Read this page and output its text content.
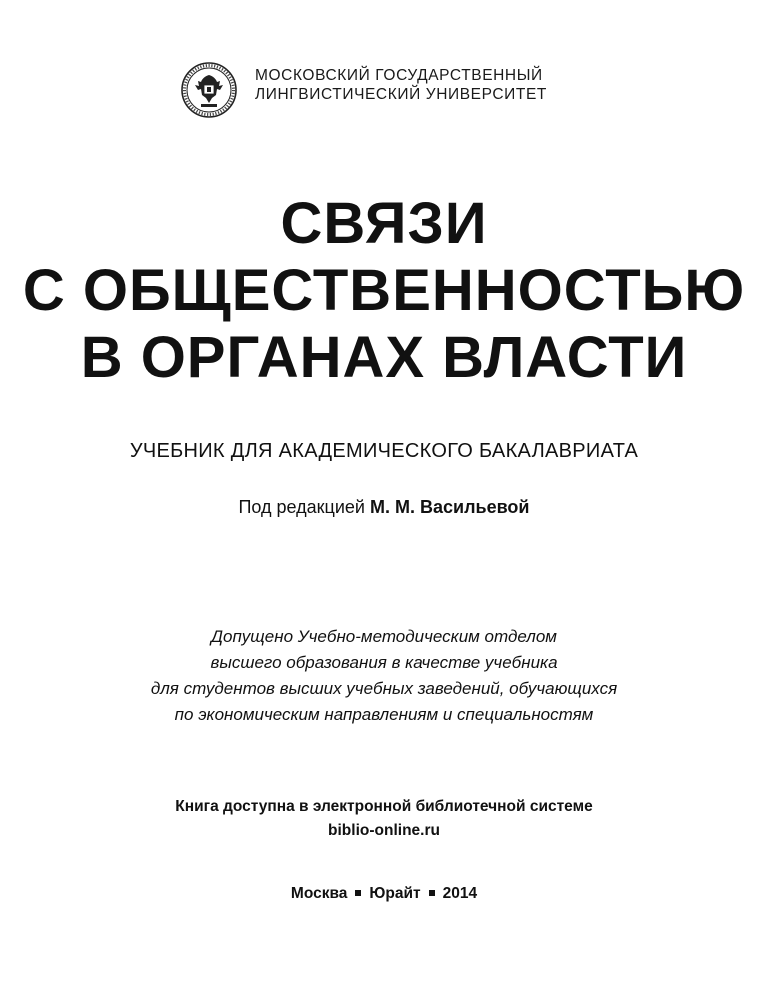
МОСКОВСКИЙ ГОСУДАРСТВЕННЫЙ
ЛИНГВИСТИЧЕСКИЙ УНИВЕРСИТЕТ
СВЯЗИ
С ОБЩЕСТВЕННОСТЬЮ
В ОРГАНАХ ВЛАСТИ
УЧЕБНИК ДЛЯ АКАДЕМИЧЕСКОГО БАКАЛАВРИАТА
Под редакцией М. М. Васильевой
Допущено Учебно-методическим отделом
высшего образования в качестве учебника
для студентов высших учебных заведений, обучающихся
по экономическим направлениям и специальностям
Книга доступна в электронной библиотечной системе
biblio-online.ru
Москва Юрайт 2014
